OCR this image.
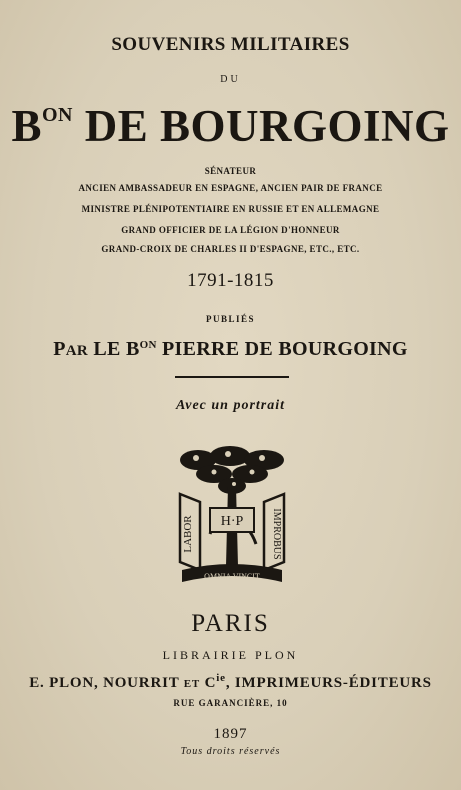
SOUVENIRS MILITAIRES
DU
$B^{ON}$ DE BOURGOING
SÉNATEUR
ANCIEN AMBASSADEUR EN ESPAGNE, ANCIEN PAIR DE FRANCE
MINISTRE PLÉNIPOTENTIAIRE EN RUSSIE ET EN ALLEMAGNE
GRAND OFFICIER DE LA LÉGION D'HONNEUR
GRAND-CROIX DE CHARLES II D'ESPAGNE, ETC., ETC.
1791-1815
PUBLIÉS
PAR LE $B^{ON}$ PIERRE DE BOURGOING
Avec un portrait
LABOR	IMPROBUS
H·P
OMNIA VINCIT
PARIS
LIBRAIRIE PLON
E. PLON, NOURRIT ET $C^{ie}$, IMPRIMEURS-ÉDITEURS
RUE GARANCIÈRE, 10
1897
Tous droits réservés
